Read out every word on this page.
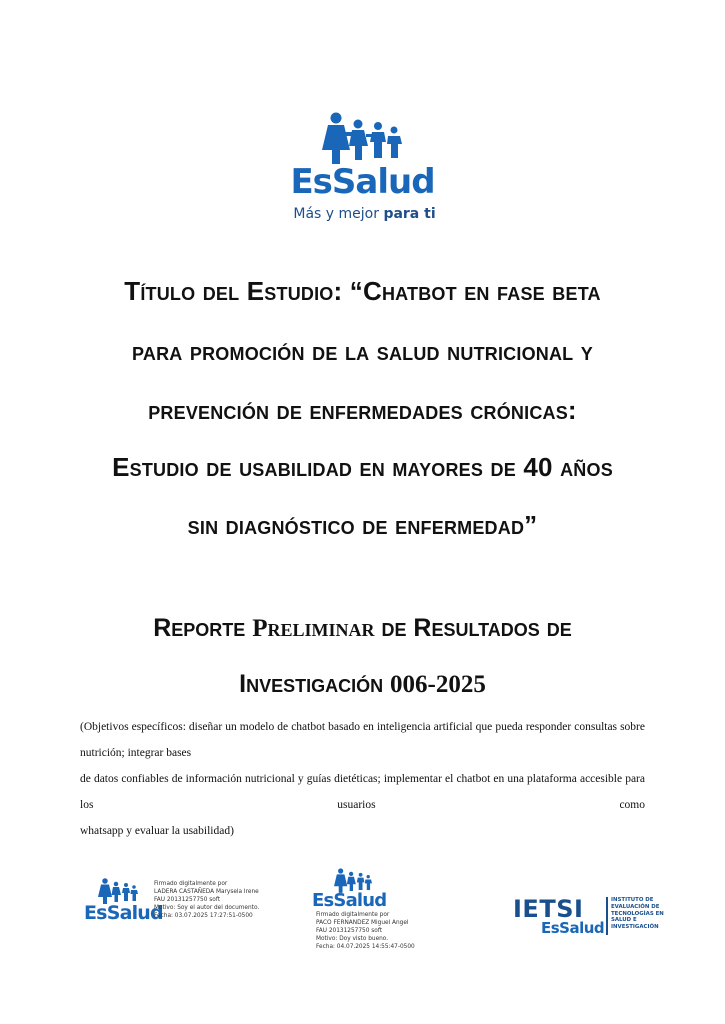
EsSalud
Más y mejor para ti
Título del Estudio: “Chatbot en fase beta
para promoción de la salud nutricional y
prevención de enfermedades crónicas:
Estudio de usabilidad en mayores de 40 años
sin diagnóstico de enfermedad”
Reporte Preliminar de Resultados de
Investigación 006-2025
(Objetivos específicos: diseñar un modelo de chatbot basado en inteligencia artificial que pueda responder consultas sobre nutrición; integrar bases
de datos confiables de información nutricional y guías dietéticas; implementar el chatbot en una plataforma accesible para los usuarios como
whatsapp y evaluar la usabilidad)
EsSalud
Firmado digitalmente por
LADERA CASTAÑEDA Marysela Irene
FAU 20131257750 soft
Motivo: Soy el autor del documento.
Fecha: 03.07.2025 17:27:51-0500
EsSalud
Firmado digitalmente por
PACO FERNANDEZ Miguel Angel
FAU 20131257750 soft
Motivo: Doy visto bueno.
Fecha: 04.07.2025 14:55:47-0500
IETSI
EsSalud
INSTITUTO DE
EVALUACIÓN DE
TECNOLOGÍAS EN
SALUD E
INVESTIGACIÓN
